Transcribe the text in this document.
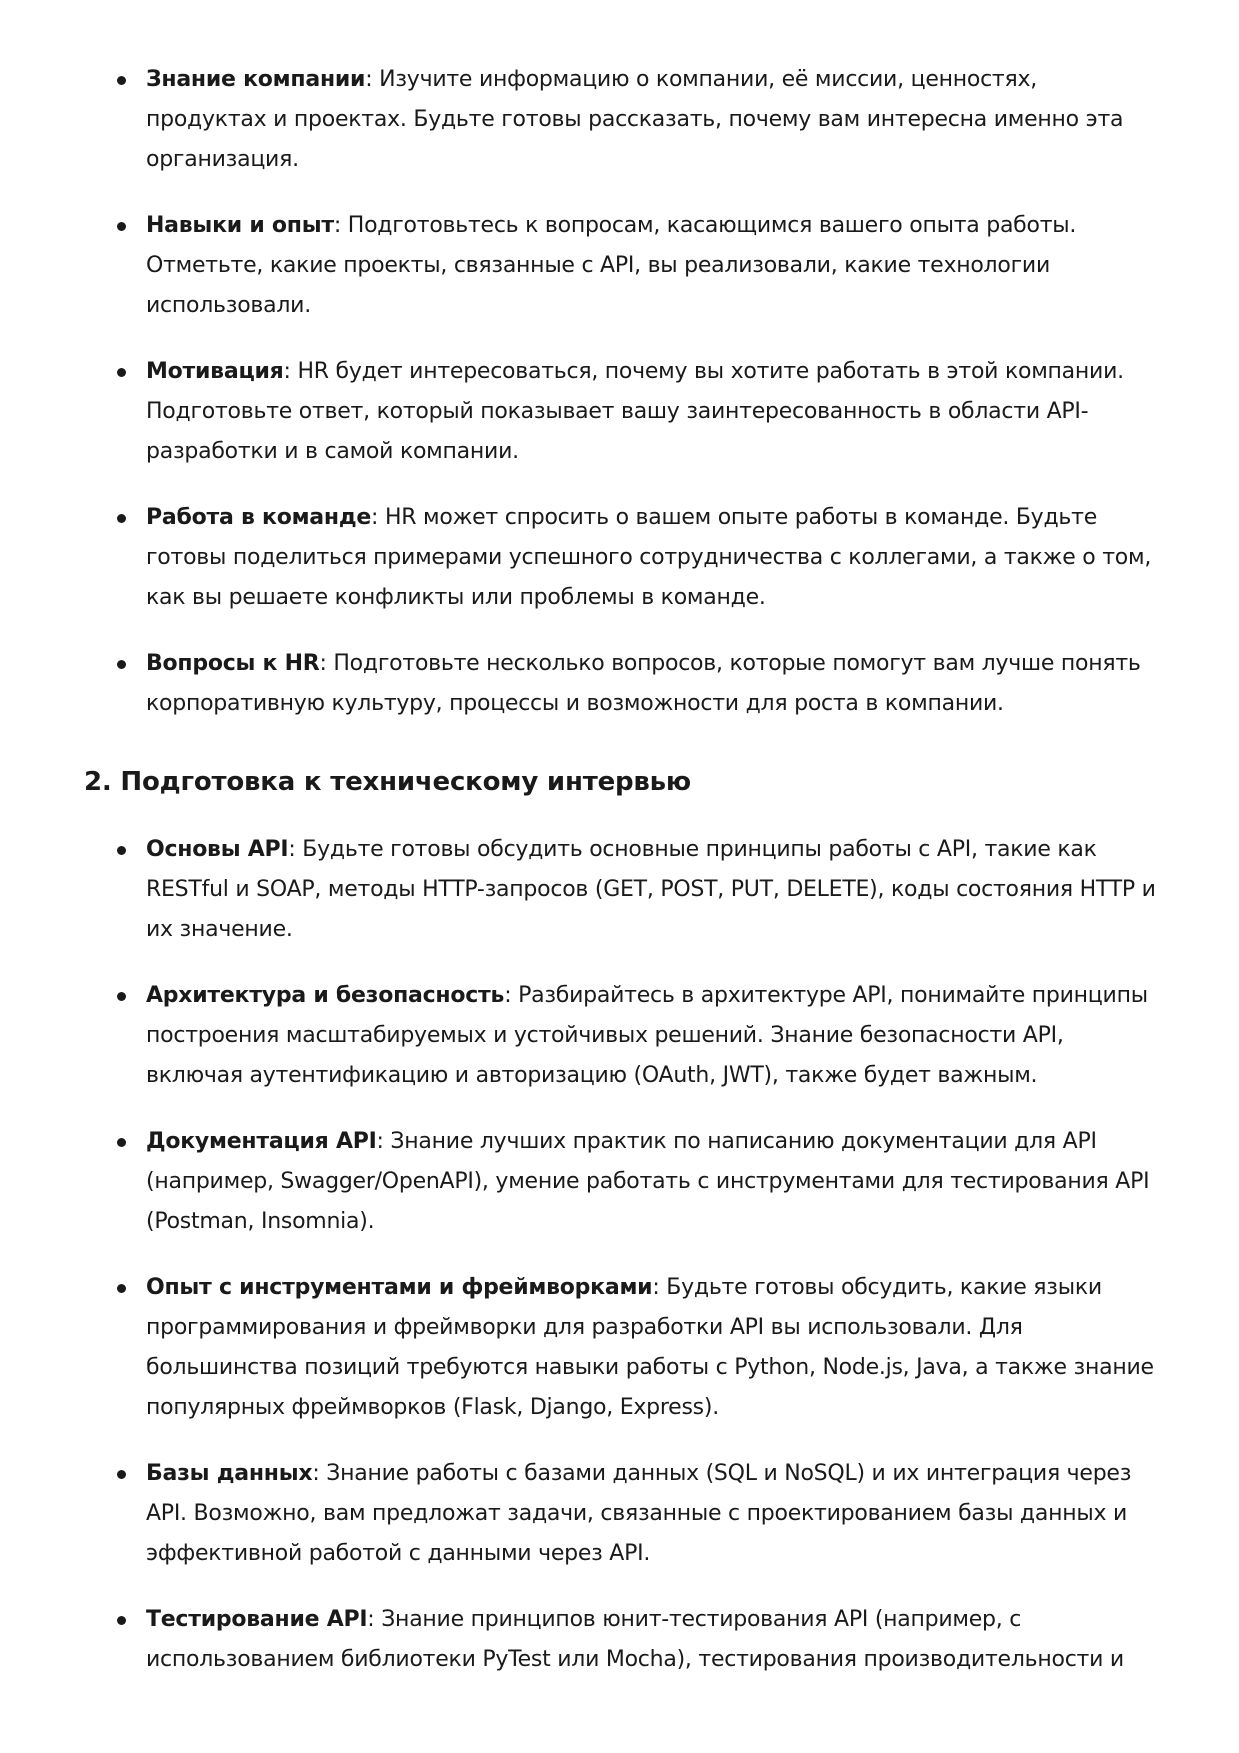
Знание компании: Изучите информацию о компании, её миссии, ценностях, продуктах и проектах. Будьте готовы рассказать, почему вам интересна именно эта организация.
Навыки и опыт: Подготовьтесь к вопросам, касающимся вашего опыта работы. Отметьте, какие проекты, связанные с API, вы реализовали, какие технологии использовали.
Мотивация: HR будет интересоваться, почему вы хотите работать в этой компании. Подготовьте ответ, который показывает вашу заинтересованность в области API-разработки и в самой компании.
Работа в команде: HR может спросить о вашем опыте работы в команде. Будьте готовы поделиться примерами успешного сотрудничества с коллегами, а также о том, как вы решаете конфликты или проблемы в команде.
Вопросы к HR: Подготовьте несколько вопросов, которые помогут вам лучше понять корпоративную культуру, процессы и возможности для роста в компании.
2. Подготовка к техническому интервью
Основы API: Будьте готовы обсудить основные принципы работы с API, такие как RESTful и SOAP, методы HTTP-запросов (GET, POST, PUT, DELETE), коды состояния HTTP и их значение.
Архитектура и безопасность: Разбирайтесь в архитектуре API, понимайте принципы построения масштабируемых и устойчивых решений. Знание безопасности API, включая аутентификацию и авторизацию (OAuth, JWT), также будет важным.
Документация API: Знание лучших практик по написанию документации для API (например, Swagger/OpenAPI), умение работать с инструментами для тестирования API (Postman, Insomnia).
Опыт с инструментами и фреймворками: Будьте готовы обсудить, какие языки программирования и фреймворки для разработки API вы использовали. Для большинства позиций требуются навыки работы с Python, Node.js, Java, а также знание популярных фреймворков (Flask, Django, Express).
Базы данных: Знание работы с базами данных (SQL и NoSQL) и их интеграция через API. Возможно, вам предложат задачи, связанные с проектированием базы данных и эффективной работой с данными через API.
Тестирование API: Знание принципов юнит-тестирования API (например, с использованием библиотеки PyTest или Mocha), тестирования производительности и
